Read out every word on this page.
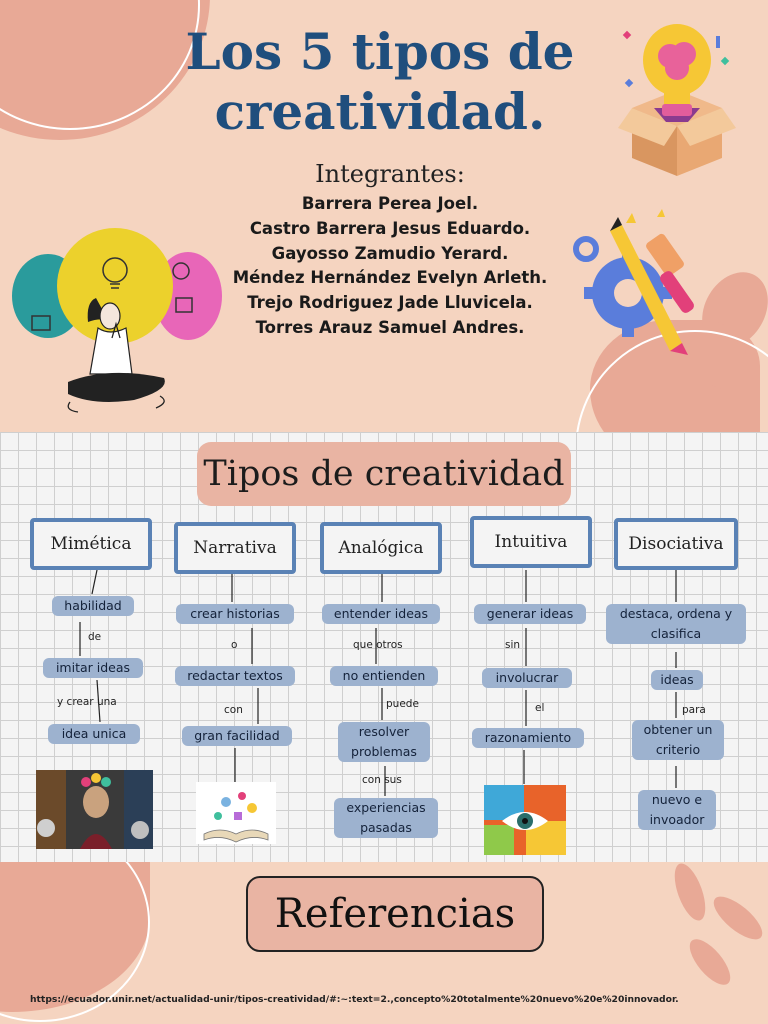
Los 5 tipos de creatividad.
Integrantes:
Barrera Perea Joel.
Castro Barrera Jesus Eduardo.
Gayosso Zamudio Yerard.
Méndez Hernández Evelyn Arleth.
Trejo Rodriguez Jade Lluvicela.
Torres Arauz Samuel Andres.
Tipos de creatividad
Mimética	Narrativa	Analógica	Intuitiva	Disociativa
habilidad
de
imitar ideas
y crear una
idea unica
crear historias
o
redactar textos
con
gran facilidad
entender ideas
que otros
no entienden
puede
resolver problemas
con sus
experiencias pasadas
generar ideas
sin
involucrar
el
razonamiento
destaca, ordena y clasifica
ideas
para
obtener un criterio
nuevo e invoador
Referencias
https://ecuador.unir.net/actualidad-unir/tipos-creatividad/#:~:text=2.,concepto%20totalmente%20nuevo%20e%20innovador.
